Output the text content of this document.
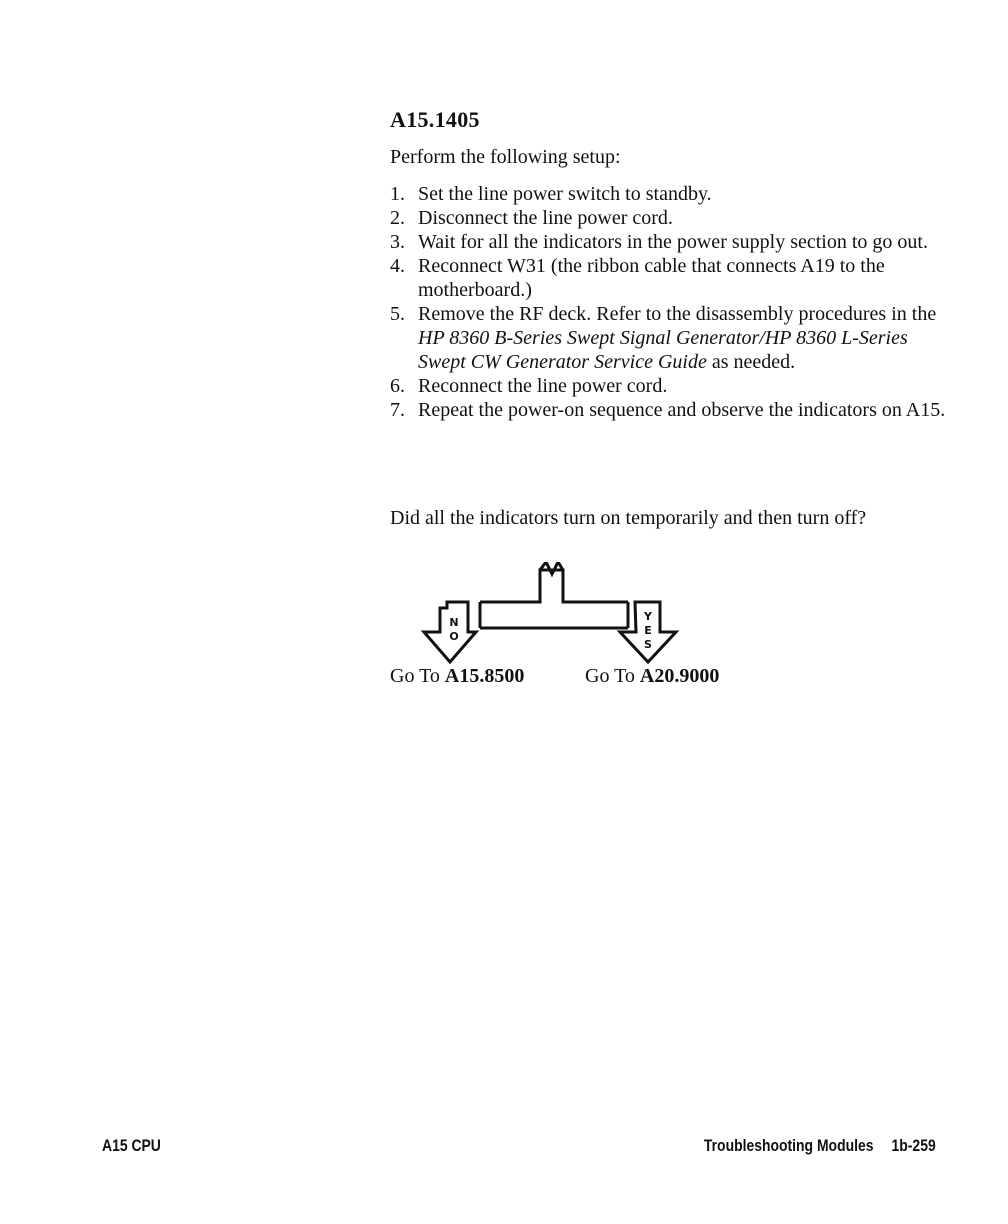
A15.1405

Perform the following setup:

1. Set the line power switch to standby.
2. Disconnect the line power cord.
3. Wait for all the indicators in the power supply section to go out.
4. Reconnect W31 (the ribbon cable that connects A19 to the motherboard.)
5. Remove the RF deck. Refer to the disassembly procedures in the HP 8360 B-Series Swept Signal Generator/HP 8360 L-Series Swept CW Generator Service Guide as needed.
6. Reconnect the line power cord.
7. Repeat the power-on sequence and observe the indicators on A15.

Did all the indicators turn on temporarily and then turn off?

N
O
Y
E
S
Go To A15.8500	Go To A20.9000
A15 CPU	Troubleshooting Modules 1b-259
